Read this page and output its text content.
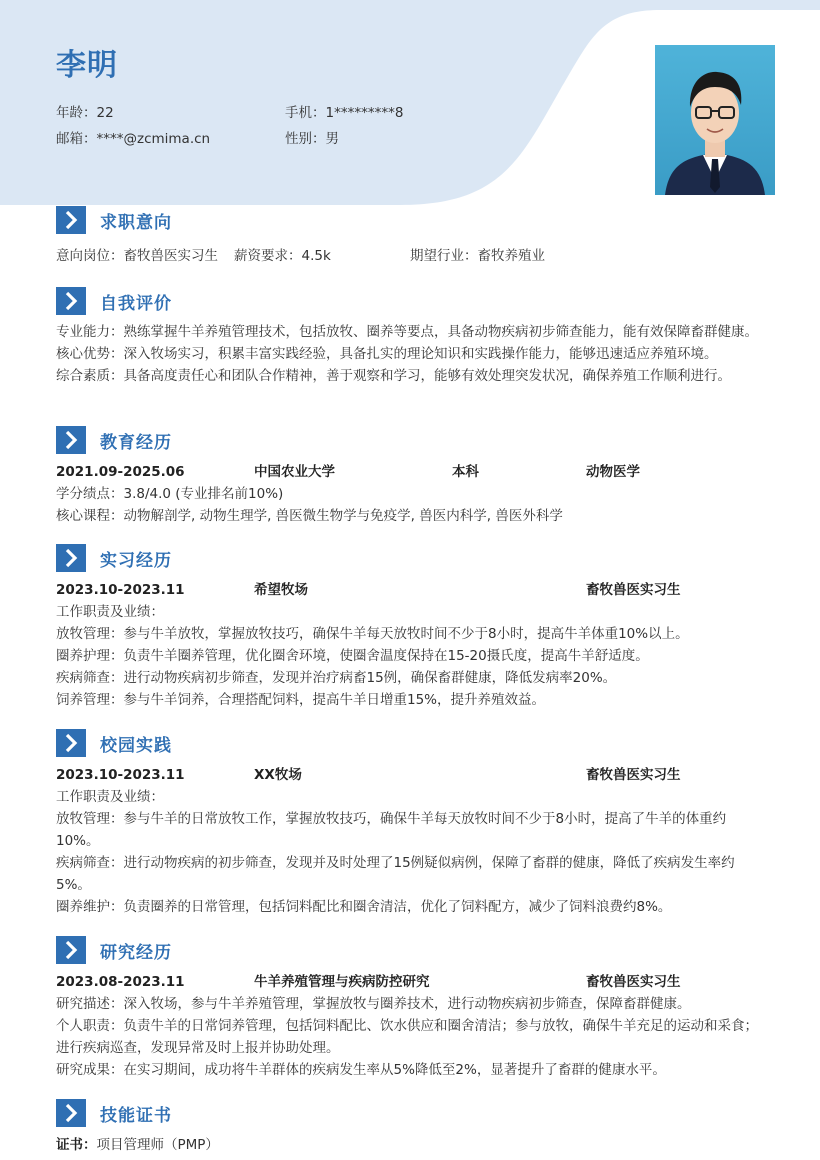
李明
年龄：22	手机：1*********8
邮箱：****@zcmima.cn	性别：男
求职意向
意向岗位：畜牧兽医实习生 薪资要求：4.5k	期望行业：畜牧养殖业
自我评价
专业能力：熟练掌握牛羊养殖管理技术，包括放牧、圈养等要点，具备动物疾病初步筛查能力，能有效保障畜群健康。
核心优势：深入牧场实习，积累丰富实践经验，具备扎实的理论知识和实践操作能力，能够迅速适应养殖环境。
综合素质：具备高度责任心和团队合作精神，善于观察和学习，能够有效处理突发状况，确保养殖工作顺利进行。
教育经历
2021.09-2025.06	中国农业大学	本科	动物医学
学分绩点：3.8/4.0 (专业排名前10%)
核心课程：动物解剖学, 动物生理学, 兽医微生物学与免疫学, 兽医内科学, 兽医外科学
实习经历
2023.10-2023.11	希望牧场	畜牧兽医实习生
工作职责及业绩：
放牧管理：参与牛羊放牧，掌握放牧技巧，确保牛羊每天放牧时间不少于8小时，提高牛羊体重10%以上。
圈养护理：负责牛羊圈养管理，优化圈舍环境，使圈舍温度保持在15-20摄氏度，提高牛羊舒适度。
疾病筛查：进行动物疾病初步筛查，发现并治疗病畜15例，确保畜群健康，降低发病率20%。
饲养管理：参与牛羊饲养，合理搭配饲料，提高牛羊日增重15%，提升养殖效益。
校园实践
2023.10-2023.11	XX牧场	畜牧兽医实习生
工作职责及业绩：
放牧管理：参与牛羊的日常放牧工作，掌握放牧技巧，确保牛羊每天放牧时间不少于8小时，提高了牛羊的体重约10%。
疾病筛查：进行动物疾病的初步筛查，发现并及时处理了15例疑似病例，保障了畜群的健康，降低了疾病发生率约5%。
圈养维护：负责圈养的日常管理，包括饲料配比和圈舍清洁，优化了饲料配方，减少了饲料浪费约8%。
研究经历
2023.08-2023.11	牛羊养殖管理与疾病防控研究	畜牧兽医实习生
研究描述：深入牧场，参与牛羊养殖管理，掌握放牧与圈养技术，进行动物疾病初步筛查，保障畜群健康。
个人职责：负责牛羊的日常饲养管理，包括饲料配比、饮水供应和圈舍清洁；参与放牧，确保牛羊充足的运动和采食；进行疾病巡查，发现异常及时上报并协助处理。
研究成果：在实习期间，成功将牛羊群体的疾病发生率从5%降低至2%，显著提升了畜群的健康水平。
技能证书
证书：项目管理师（PMP）
